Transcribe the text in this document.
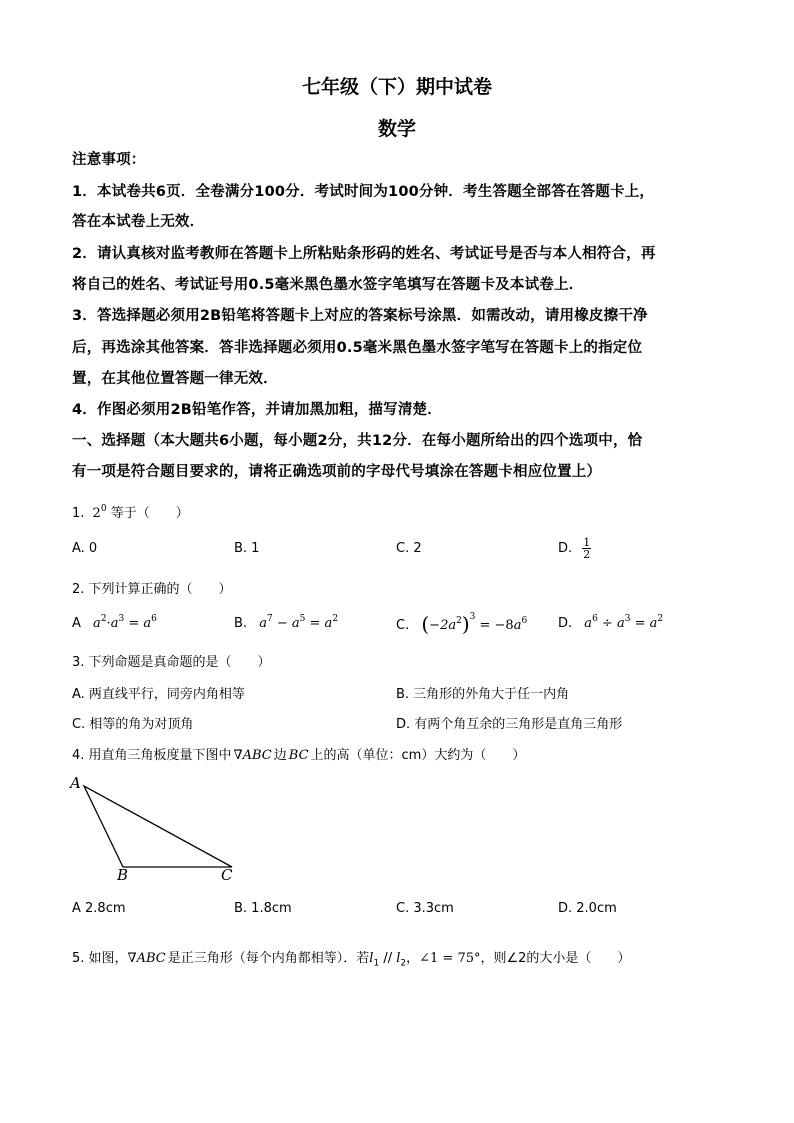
七年级（下）期中试卷
数学
注意事项：
1．本试卷共6页．全卷满分100分．考试时间为100分钟．考生答题全部答在答题卡上，
答在本试卷上无效．
2．请认真核对监考教师在答题卡上所粘贴条形码的姓名、考试证号是否与本人相符合，再
将自己的姓名、考试证号用0.5毫米黑色墨水签字笔填写在答题卡及本试卷上．
3．答选择题必须用2B铅笔将答题卡上对应的答案标号涂黑．如需改动，请用橡皮擦干净
后，再选涂其他答案．答非选择题必须用0.5毫米黑色墨水签字笔写在答题卡上的指定位
置，在其他位置答题一律无效．
4．作图必须用2B铅笔作答，并请加黑加粗，描写清楚．
一、选择题（本大题共6小题，每小题2分，共12分．在每小题所给出的四个选项中，恰
有一项是符合题目要求的，请将正确选项前的字母代号填涂在答题卡相应位置上）
1. $2^0$ 等于（　　）
A. 0	B. 1	C. 2	D. $\frac{1}{2}$
2. 下列计算正确的（　　）
A $a^2\cdot a^3 = a^6$	B. $a^7 - a^5 = a^2$	C. $(-2a^2)^3 = -8a^6$ D. $a^6 \div a^3 = a^2$
3. 下列命题是真命题的是（　　）
A. 两直线平行，同旁内角相等	B. 三角形的外角大于任一内角
C. 相等的角为对顶角	D. 有两个角互余的三角形是直角三角形
4. 用直角三角板度量下图中 ∇ABC 边 BC 上的高（单位：cm）大约为（　　）
A
B	C
A 2.8cm	B. 1.8cm	C. 3.3cm	D. 2.0cm
5. 如图，∇ABC 是正三角形（每个内角都相等）．若$l_1 // l_2$，∠1 = 75°，则∠2的大小是（　　）
